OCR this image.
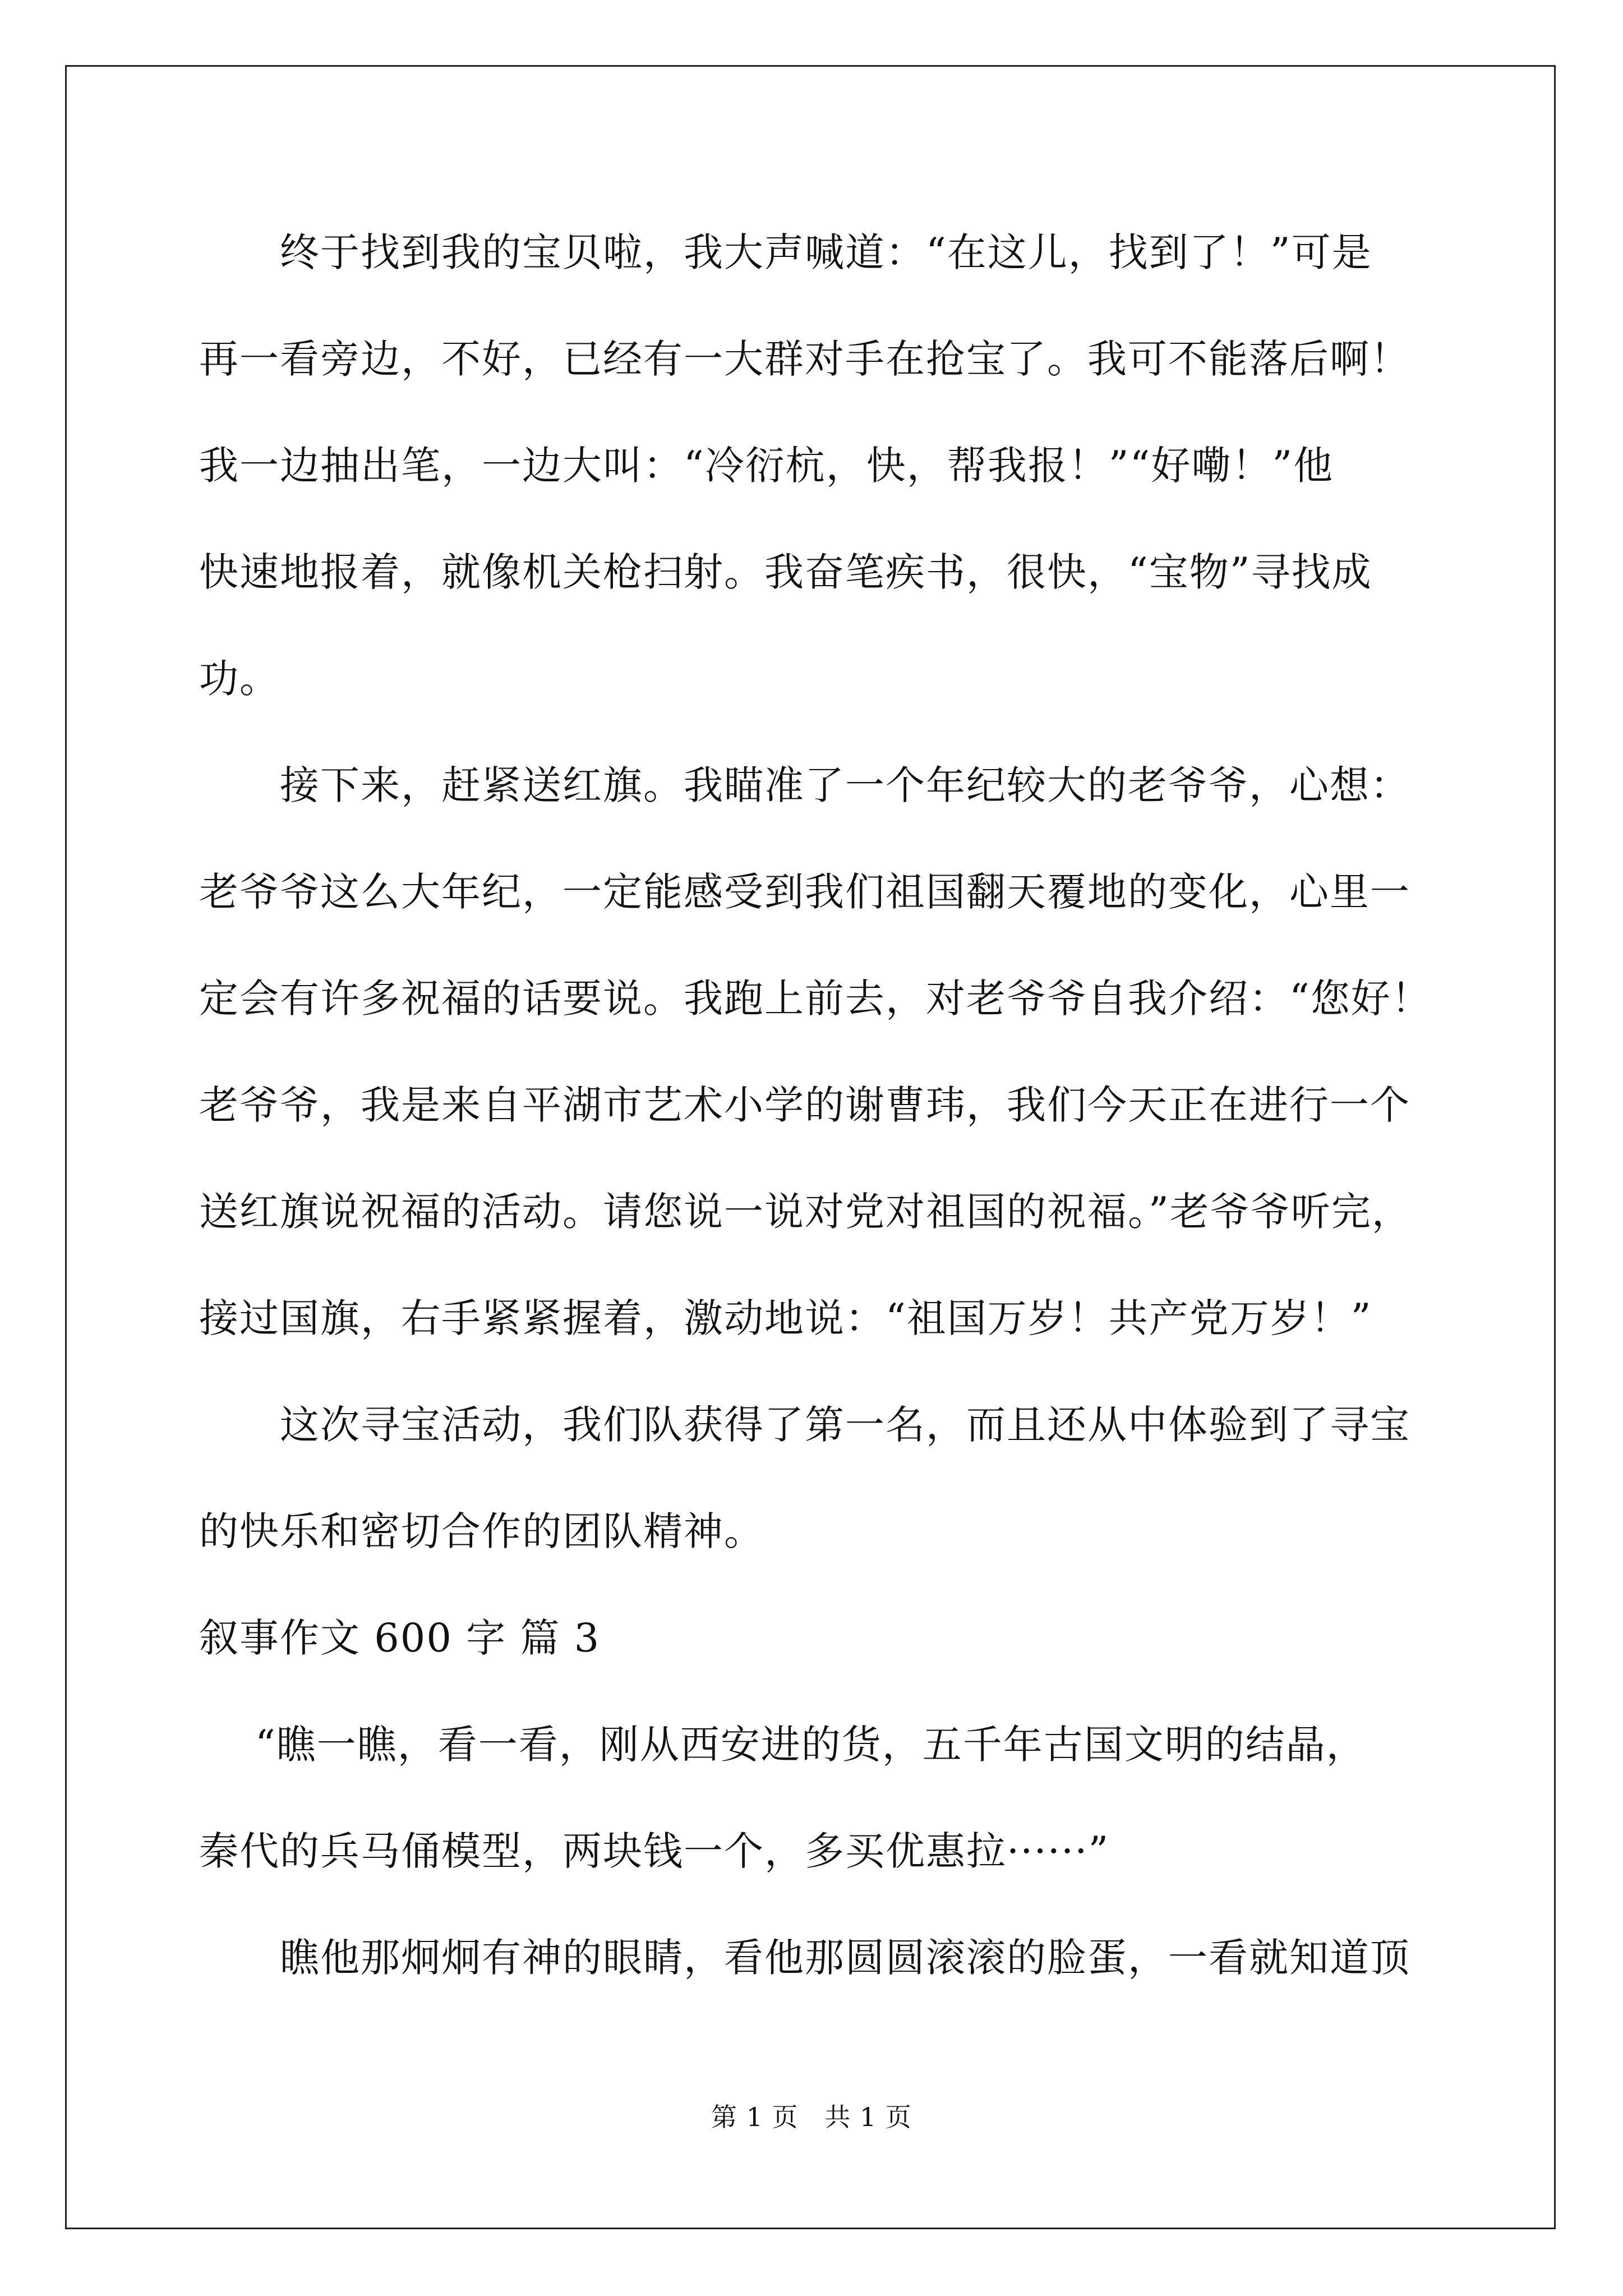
终于找到我的宝贝啦，我大声喊道：“在这儿，找到了！”可是
再一看旁边，不好，已经有一大群对手在抢宝了。我可不能落后啊！
我一边抽出笔，一边大叫：“冷衍杭，快，帮我报！”“好嘞！”他
快速地报着，就像机关枪扫射。我奋笔疾书，很快，“宝物”寻找成
功。
接下来，赶紧送红旗。我瞄准了一个年纪较大的老爷爷，心想：
老爷爷这么大年纪，一定能感受到我们祖国翻天覆地的变化，心里一
定会有许多祝福的话要说。我跑上前去，对老爷爷自我介绍：“您好！
老爷爷，我是来自平湖市艺术小学的谢曹玮，我们今天正在进行一个
送红旗说祝福的活动。请您说一说对党对祖国的祝福。”老爷爷听完，
接过国旗，右手紧紧握着，激动地说：“祖国万岁！共产党万岁！”
这次寻宝活动，我们队获得了第一名，而且还从中体验到了寻宝
的快乐和密切合作的团队精神。
叙事作文 600 字 篇 3
“瞧一瞧，看一看，刚从西安进的货，五千年古国文明的结晶，
秦代的兵马俑模型，两块钱一个，多买优惠拉······”
瞧他那炯炯有神的眼睛，看他那圆圆滚滚的脸蛋，一看就知道顶
第 1 页   共 1 页
